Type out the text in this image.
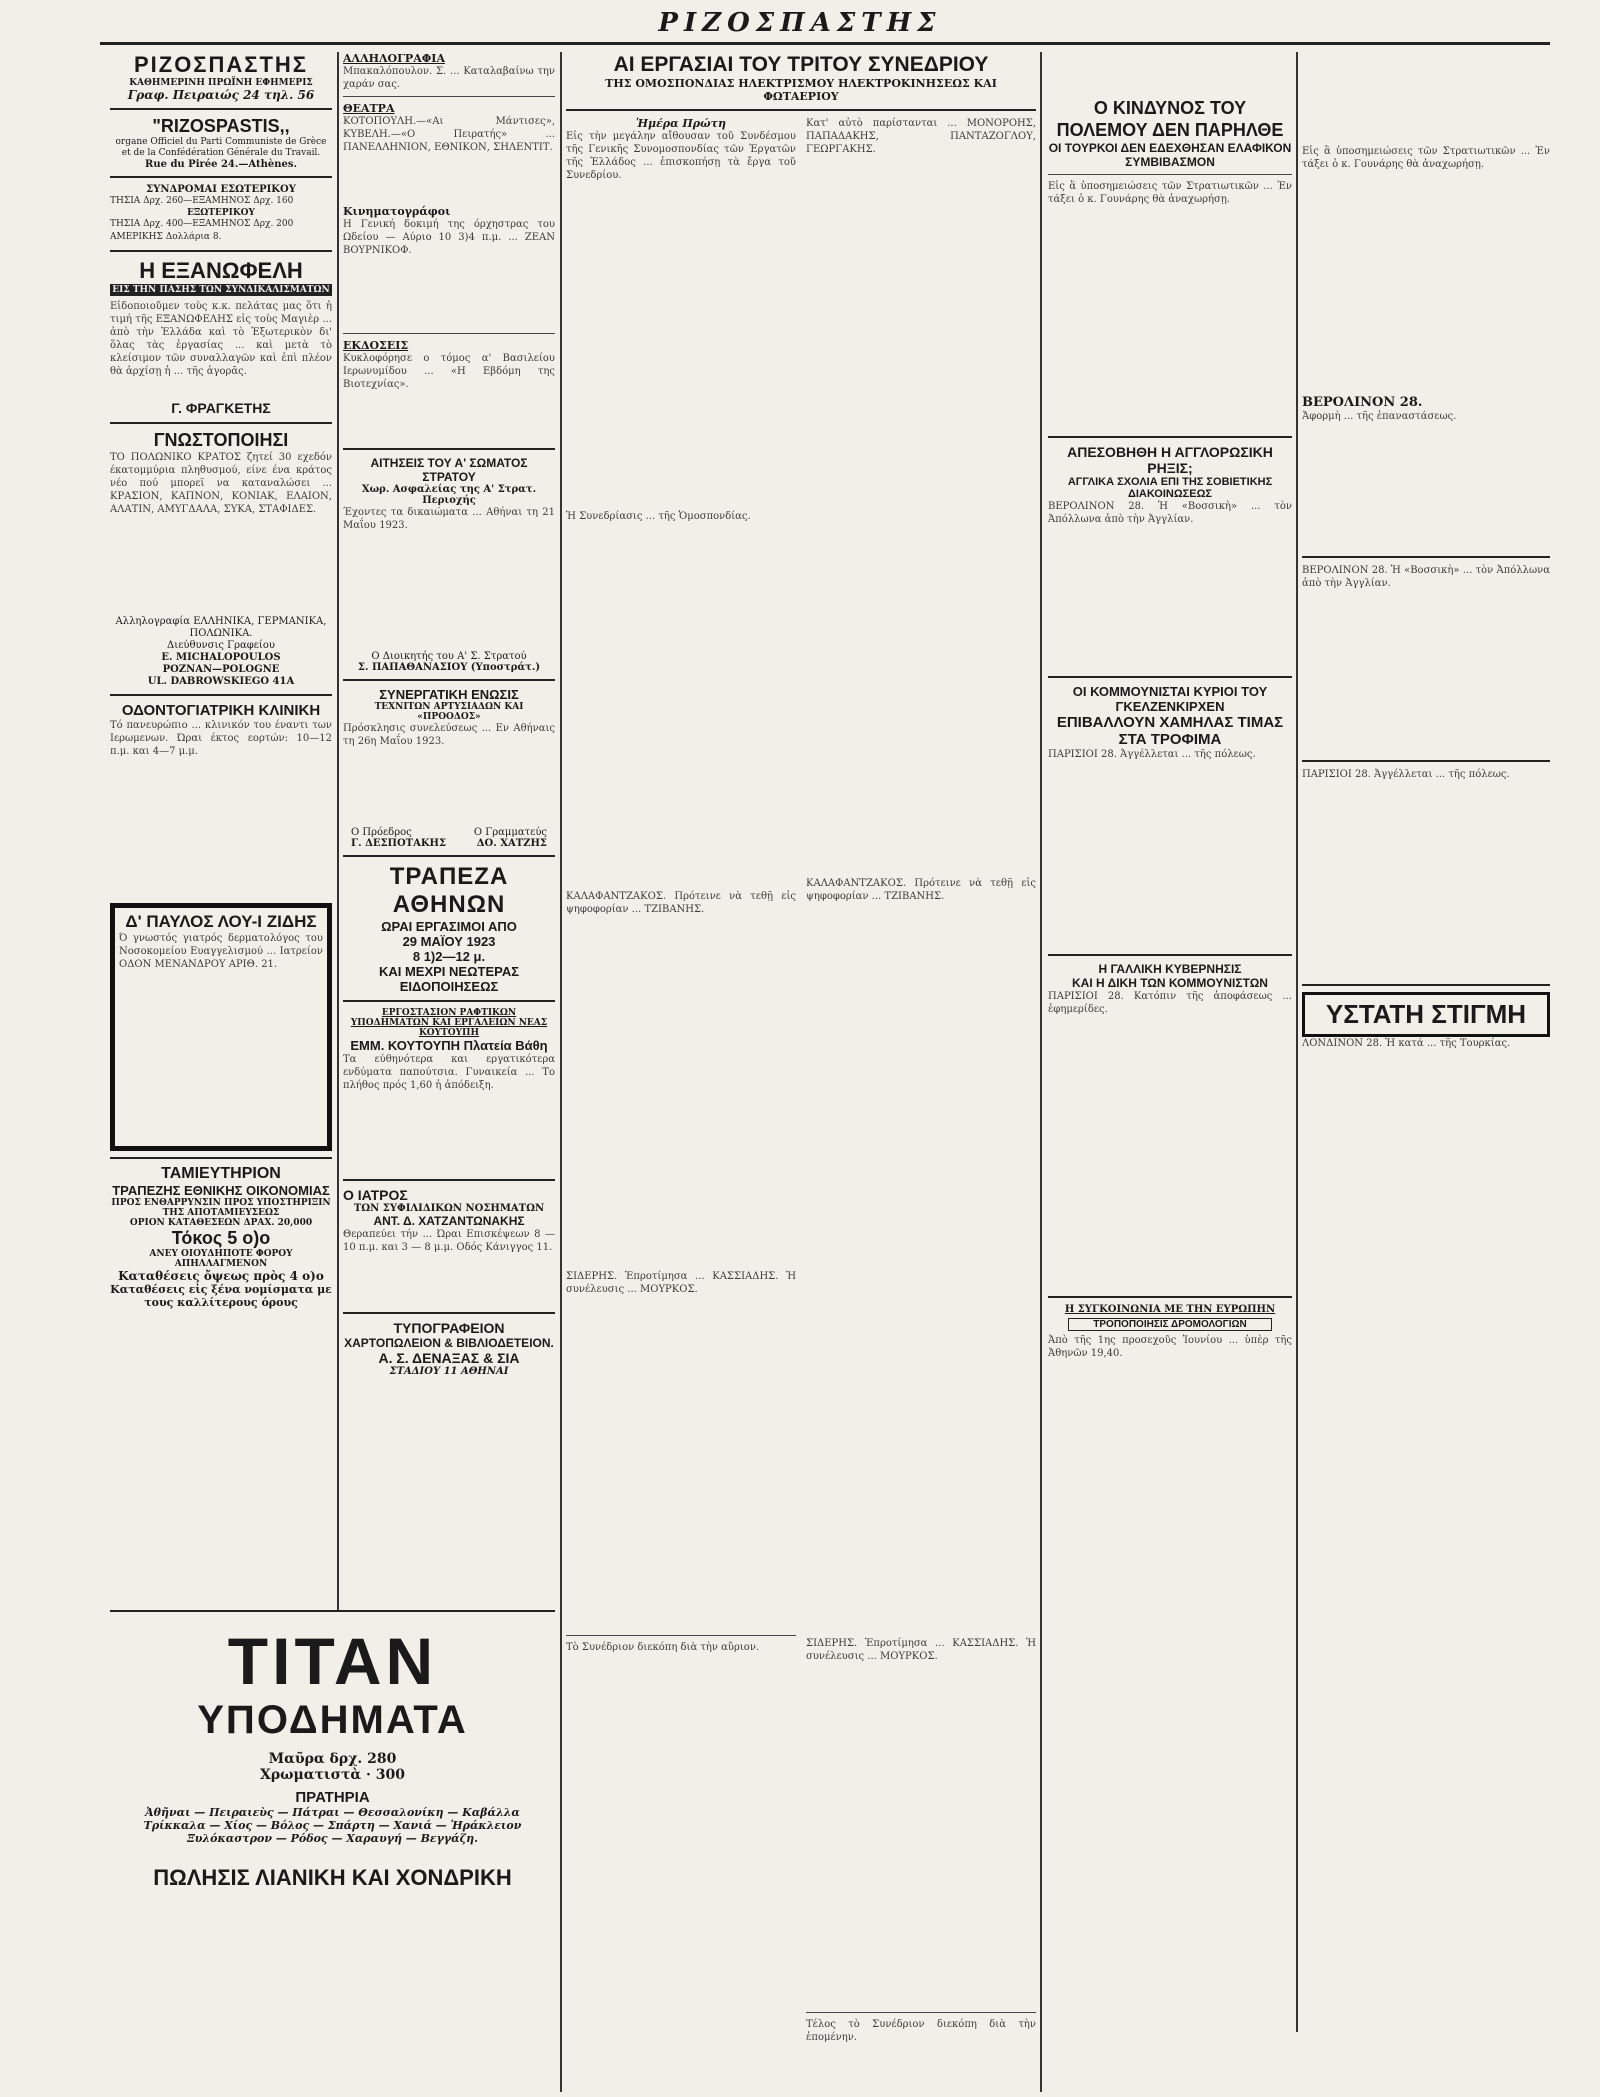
ΡΙΖΟΣΠΑΣΤΗΣ
ΡΙΖΟΣΠΑΣΤΗΣ
ΚΑΘΗΜΕΡΙΝΗ ΠΡΩΪΝΗ ΕΦΗΜΕΡΙΣ
Γραφ. Πειραιώς 24 τηλ. 56
"RIZOSPASTIS,,
organe Officiel du Parti Communiste de Grèce et de la Confédération Générale du Travail.
Rue du Pirée 24.—Athènes.
ΣΥΝΔΡΟΜΑΙ ΕΣΩΤΕΡΙΚΟΥ
ΤΗΣΙΑ Δρχ. 260—ΕΞΑΜΗΝΟΣ Δρχ. 160
ΕΞΩΤΕΡΙΚΟΥ
ΤΗΣΙΑ Δρχ. 400—ΕΞΑΜΗΝΟΣ Δρχ. 200
ΑΜΕΡΙΚΗΣ Δολλάρια 8.
Η ΕΞΑΝΩΦΕΛΗ
ΕΙΣ ΤΗΝ ΠΑΣΗΣ ΤΩΝ ΣΥΝΔΙΚΑΛΙΣΜΑΤΩΝ

Εἰδοποιοῦμεν τοὺς κ.κ. πελάτας μας ὅτι ἡ τιμή τῆς ΕΞΑΝΩΦΕΛΗΣ εἰς τοὺς Μαγιὲρ ... ἀπὸ τὴν Ἐλλάδα καὶ τὸ Ἐξωτερικὸν δι' ὅλας τὰς ἐργασίας ... καὶ μετὰ τὸ κλείσιμον τῶν συναλλαγῶν καὶ ἐπὶ πλέον θὰ ἀρχίσῃ ἡ ... τῆς ἀγορᾶς.

Γ. ΦΡΑΓΚΕΤΗΣ
ΓΝΩΣΤΟΠΟΙΗΣΙ

ΤΟ ΠΟΛΩΝΙΚΟ ΚΡΑΤΟΣ ζητεί 30 εχεδόν έκατομμύρια πληθυσμού, είνε ένα κράτος νέο πού μπορεϊ να καταναλώσει ... ΚΡΑΣΙΟΝ, ΚΑΠΝΟΝ, ΚΟΝΙΑΚ, ΕΛΑΙΟΝ, ΑΛΑΤΙΝ, ΑΜΥΓΔΑΛΑ, ΣΥΚΑ, ΣΤΑΦΙΔΕΣ.

Αλληλογραφία ΕΛΛΗΝΙΚΑ, ΓΕΡΜΑΝΙΚΑ, ΠΟΛΩΝΙΚΑ.
Διεύθυνσις Γραφείου
E. MICHALOPOULOS
POZNAN—POLOGNE
UL. DABROWSKIEGO 41A
ΟΔΟΝΤΟΓΙΑΤΡΙΚΗ ΚΛΙΝΙΚΗ

Τό πανευρώπιο ... κλινικόν του έναντι των Ιερωμενων. Ώραι έκτος εορτών: 10—12 π.μ. και 4—7 μ.μ.

Δ' ΠΑΥΛΟΣ ΛΟΥ-Ι ΖΙΔΗΣ

Ό γνωστός γιατρός δερματολόγος του Νοσοκομείου Ευαγγελισμού ... Ιατρείον ΟΔΟΝ ΜΕΝΑΝΔΡΟΥ ΑΡΙΘ. 21.

ΤΑΜΙΕΥΤΗΡΙΟΝ
ΤΡΑΠΕΖΗΣ ΕΘΝΙΚΗΣ ΟΙΚΟΝΟΜΙΑΣ
ΠΡΟΣ ΕΝΘΑΡΡΥΝΣΙΝ ΠΡΟΣ ΥΠΟΣΤΗΡΙΞΙΝ ΤΗΣ ΑΠΟΤΑΜΙΕΥΣΕΩΣ
ΟΡΙΟΝ ΚΑΤΑΘΕΣΕΩΝ ΔΡΑΧ. 20,000
Τόκος 5 ο)ο
ΑΝΕΥ ΟΙΟΥΔΗΠΟΤΕ ΦΟΡΟΥ ΑΠΗΛΛΑΓΜΕΝΟΝ
Καταθέσεις ὄψεως πρὸς 4 ο)ο
Καταθέσεις εἰς ξένα νομίσματα με τους καλλίτερους όρους
ΑΛΛΗΛΟΓΡΑΦΙΑ

Μπακαλόπουλον. Σ. ... Καταλαβαίνω την χαράν σας.

ΘΕΑΤΡΑ

ΚΟΤΟΠΟΥΛΗ.—«Αι Μάντισες», ΚΥΒΕΛΗ.—«Ο Πειρατής» ... ΠΑΝΕΛΛΗΝΙΟΝ, ΕΘΝΙΚΟΝ, ΣΗΛΕΝΤΙΤ.

Κινηματογράφοι

Η Γενική δοκιμή της όρχηστρας του Ωδείου — Αύριο 10 3)4 π.μ. ... ΖΕΑΝ ΒΟΥΡΝΙΚΟΦ.

ΕΚΔΟΣΕΙΣ

Κυκλοφόρησε ο τόμος α' Βασιλείου Ιερωνυμίδου ... «Η Εβδόμη της Βιοτεχνίας».

ΑΙΤΗΣΕΙΣ ΤΟΥ Α' ΣΩΜΑΤΟΣ ΣΤΡΑΤΟΥ
Χωρ. Ασφαλείας της Α' Στρατ. Περιοχής

Έχοντες τα δικαιώματα ... Αθήναι τη 21 Μαΐου 1923.

Ο Διοικητής του Α' Σ. Στρατού
Σ. ΠΑΠΑΘΑΝΑΣΙΟΥ (Υποστράτ.)
ΣΥΝΕΡΓΑΤΙΚΗ ΕΝΩΣΙΣ
ΤΕΧΝΙΤΩΝ ΑΡΤΥΣΙΑΔΩΝ ΚΑΙ «ΠΡΟΟΔΟΣ»

Πρόσκλησις συνελεύσεως ... Εν Αθήναις τη 26η Μαΐου 1923.

Ο Πρόεδρος	Ο Γραμματεύς
Γ. ΔΕΣΠΟΤΑΚΗΣ	ΔΟ. ΧΑΤΖΗΣ
ΤΡΑΠΕΖΑ ΑΘΗΝΩΝ
ΩΡΑΙ ΕΡΓΑΣΙΜΟΙ ΑΠΟ
29 ΜΑΪΟΥ 1923
8 1)2—12 μ.
ΚΑΙ ΜΕΧΡΙ ΝΕΩΤΕΡΑΣ ΕΙΔΟΠΟΙΗΣΕΩΣ
ΕΡΓΟΣΤΑΣΙΟΝ ΡΑΦΤΙΚΩΝ ΥΠΟΔΗΜΑΤΩΝ ΚΑΙ ΕΡΓΑΛΕΙΩΝ ΝΕΑΣ ΚΟΥΤΟΥΠΗ
ΕΜΜ. ΚΟΥΤΟΥΠΗ Πλατεία Βάθη

Τα εύθηνότερα και εργατικότερα ενδύματα παπούτσια. Γυναικεία ... Το πλήθος πρός 1,60 ἡ ἀπόδειξη.

Ο ΙΑΤΡΟΣ
ΤΩΝ ΣΥΦΙΛΙΔΙΚΩΝ ΝΟΣΗΜΑΤΩΝ
ΑΝΤ. Δ. ΧΑΤΖΑΝΤΩΝΑΚΗΣ

Θεραπεύει τήν ... Ώραι Επισκέψεων 8 — 10 π.μ. και 3 — 8 μ.μ. Οδός Κάνιγγος 11.

ΤΥΠΟΓΡΑΦΕΙΟΝ
ΧΑΡΤΟΠΩΛΕΙΟΝ & ΒΙΒΛΙΟΔΕΤΕΙΟΝ.
Α. Σ. ΔΕΝΑΞΑΣ & ΣΙΑ
ΣΤΑΔΙΟΥ 11 ΑΘΗΝΑΙ
ΑΙ ΕΡΓΑΣΙΑΙ ΤΟΥ ΤΡΙΤΟΥ ΣΥΝΕΔΡΙΟΥ
ΤΗΣ ΟΜΟΣΠΟΝΔΙΑΣ ΗΛΕΚΤΡΙΣΜΟΥ ΗΛΕΚΤΡΟΚΙΝΗΣΕΩΣ ΚΑΙ ΦΩΤΑΕΡΙΟΥ
Ἡμέρα Πρώτη

Εἰς τὴν μεγάλην αἴθουσαν τοῦ Συνδέσμου τῆς Γενικῆς Συνομοσπονδίας τῶν Ἐργατῶν τῆς Ἑλλάδος ... ἐπισκοπήσῃ τὰ ἔργα τοῦ Συνεδρίου.

Ἡ Συνεδρίασις ... τῆς Ὁμοσπονδίας.

ΚΑΛΑΦΑΝΤΖΑΚΟΣ. Πρότεινε νὰ τεθῇ εἰς ψηφοφορίαν ... ΤΖΙΒΑΝΗΣ.

ΣΙΔΕΡΗΣ. Ἐπροτίμησα ... ΚΑΣΣΙΑΔΗΣ. Ἡ συνέλευσις ... ΜΟΥΡΚΟΣ.

Τὸ Συνέδριον διεκόπη διὰ τὴν αὔριον.

Κατ' αὐτὸ παρίστανται ... ΜΟΝΟΡΟΗΣ, ΠΑΠΑΔΑΚΗΣ, ΠΑΝΤΑΖΟΓΛΟΥ, ΓΕΩΡΓΑΚΗΣ.

ΚΑΛΑΦΑΝΤΖΑΚΟΣ. Πρότεινε νὰ τεθῇ εἰς ψηφοφορίαν ... ΤΖΙΒΑΝΗΣ.

ΣΙΔΕΡΗΣ. Ἐπροτίμησα ... ΚΑΣΣΙΑΔΗΣ. Ἡ συνέλευσις ... ΜΟΥΡΚΟΣ.

Τέλος τὸ Συνέδριον διεκόπη διὰ τὴν ἑπομένην.

Ο ΚΙΝΔΥΝΟΣ ΤΟΥ ΠΟΛΕΜΟΥ ΔΕΝ ΠΑΡΗΛΘΕ
ΟΙ ΤΟΥΡΚΟΙ ΔΕΝ ΕΔΕΧΘΗΣΑΝ ΕΛΑΦΙΚΟΝ ΣΥΜΒΙΒΑΣΜΟΝ

Εἰς ἃ ὑποσημειώσεις τῶν Στρατιωτικῶν ... Ἐν τάξει ὁ κ. Γουνάρης θὰ ἀναχωρήσῃ.

ΑΠΕΣΟΒΗΘΗ Η ΑΓΓΛΟΡΩΣΙΚΗ ΡΗΞΙΣ;
ΑΓΓΛΙΚΑ ΣΧΟΛΙΑ ΕΠΙ ΤΗΣ ΣΟΒΙΕΤΙΚΗΣ ΔΙΑΚΟΙΝΩΣΕΩΣ

ΒΕΡΟΛΙΝΟΝ 28. Ἡ «Βοσσικὴ» ... τὸν Ἀπόλλωνα ἀπὸ τὴν Ἀγγλίαν.

ΟΙ ΚΟΜΜΟΥΝΙΣΤΑΙ ΚΥΡΙΟΙ ΤΟΥ ΓΚΕΛΖΕΝΚΙΡΧΕΝ
ΕΠΙΒΑΛΛΟΥΝ ΧΑΜΗΛΑΣ ΤΙΜΑΣ ΣΤΑ ΤΡΟΦΙΜΑ

ΠΑΡΙΣΙΟΙ 28. Ἀγγέλλεται ... τῆς πόλεως.

Η ΓΑΛΛΙΚΗ ΚΥΒΕΡΝΗΣΙΣ
ΚΑΙ Η ΔΙΚΗ ΤΩΝ ΚΟΜΜΟΥΝΙΣΤΩΝ

ΠΑΡΙΣΙΟΙ 28. Κατόπιν τῆς ἀποφάσεως ... ἐφημερίδες.

Η ΣΥΓΚΟΙΝΩΝΙΑ ΜΕ ΤΗΝ ΕΥΡΩΠΗΝ
ΤΡΟΠΟΠΟΙΗΣΙΣ ΔΡΟΜΟΛΟΓΙΩΝ

Ἀπὸ τῆς 1ης προσεχοῦς Ἰουνίου ... ὑπὲρ τῆς Ἀθηνῶν 19,40.

Εἰς ἃ ὑποσημειώσεις τῶν Στρατιωτικῶν ... Ἐν τάξει ὁ κ. Γουνάρης θὰ ἀναχωρήσῃ.

ΒΕΡΟΛΙΝΟΝ 28.

Ἀφορμὴ ... τῆς ἐπαναστάσεως.

ΒΕΡΟΛΙΝΟΝ 28. Ἡ «Βοσσικὴ» ... τὸν Ἀπόλλωνα ἀπὸ τὴν Ἀγγλίαν.

ΠΑΡΙΣΙΟΙ 28. Ἀγγέλλεται ... τῆς πόλεως.

ΥΣΤΑΤΗ ΣΤΙΓΜΗ

ΛΟΝΔΙΝΟΝ 28. Ἡ κατά ... τῆς Τουρκίας.

ΤΙΤΑΝ
ΥΠΟΔΗΜΑΤΑ
Μαῦρα δρχ. 280
Χρωματιστὰ · 300
ΠΡΑΤΗΡΙΑ
Ἀθῆναι — Πειραιεὺς — Πάτραι — Θεσσαλονίκη — Καβάλλα
Τρίκκαλα — Χίος — Βόλος — Σπάρτη — Χανιά — Ἡράκλειον
Ξυλόκαστρον — Ρόδος — Χαραυγή — Βεγγάζη.
ΠΩΛΗΣΙΣ ΛΙΑΝΙΚΗ ΚΑΙ ΧΟΝΔΡΙΚΗ
